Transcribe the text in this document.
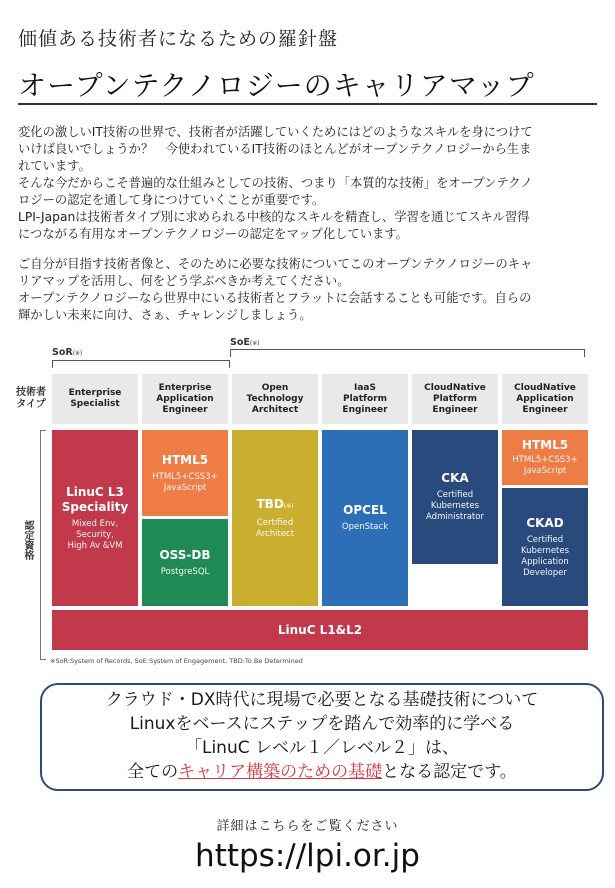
価値ある技術者になるための羅針盤
オープンテクノロジーのキャリアマップ

変化の激しいIT技術の世界で、技術者が活躍していくためにはどのようなスキルを身につけて

いけば良いでしょうか？　今使われているIT技術のほとんどがオープンテクノロジーから生ま

れています。

そんな今だからこそ普遍的な仕組みとしての技術、つまり「本質的な技術」をオープンテクノ

ロジーの認定を通して身につけていくことが重要です。

LPI-Japanは技術者タイプ別に求められる中核的なスキルを精査し、学習を通じてスキル習得

につながる有用なオープンテクノロジーの認定をマップ化しています。

ご自分が目指す技術者像と、そのために必要な技術についてこのオープンテクノロジーのキャ

リアマップを活用し、何をどう学ぶべきか考えてください。

オープンテクノロジーなら世界中にいる技術者とフラットに会話することも可能です。自らの

輝かしい未来に向け、さぁ、チャレンジしましょう。

SoR(※)
SoE(※)
技術者
タイプ
認定資格
Enterprise
Specialist
Enterprise
Application
Engineer
Open
Technology
Architect
IaaS
Platform
Engineer
CloudNative
Platform
Engineer
CloudNative
Application
Engineer
LinuC L3
Speciality
Mixed Env,
Security,
High Av &VM
HTML5
HTML5+CSS3+
JavaScript
OSS-DB
PostgreSQL
TBD(※)
Certified
Architect
OPCEL
OpenStack
CKA
Certified
Kubernetes
Administrator
HTML5
HTML5+CSS3+
JavaScript
CKAD
Certified
Kubernetes
Application
Developer
LinuC L1&L2
※SoR:System of Records, SoE:System of Engagement, TBD:To Be Determined
クラウド・DX時代に現場で必要となる基礎技術について
Linuxをベースにステップを踏んで効率的に学べる
「LinuC レベル１／レベル２」は、
全てのキャリア構築のための基礎となる認定です。
詳細はこちらをご覧ください
https://lpi.or.jp
